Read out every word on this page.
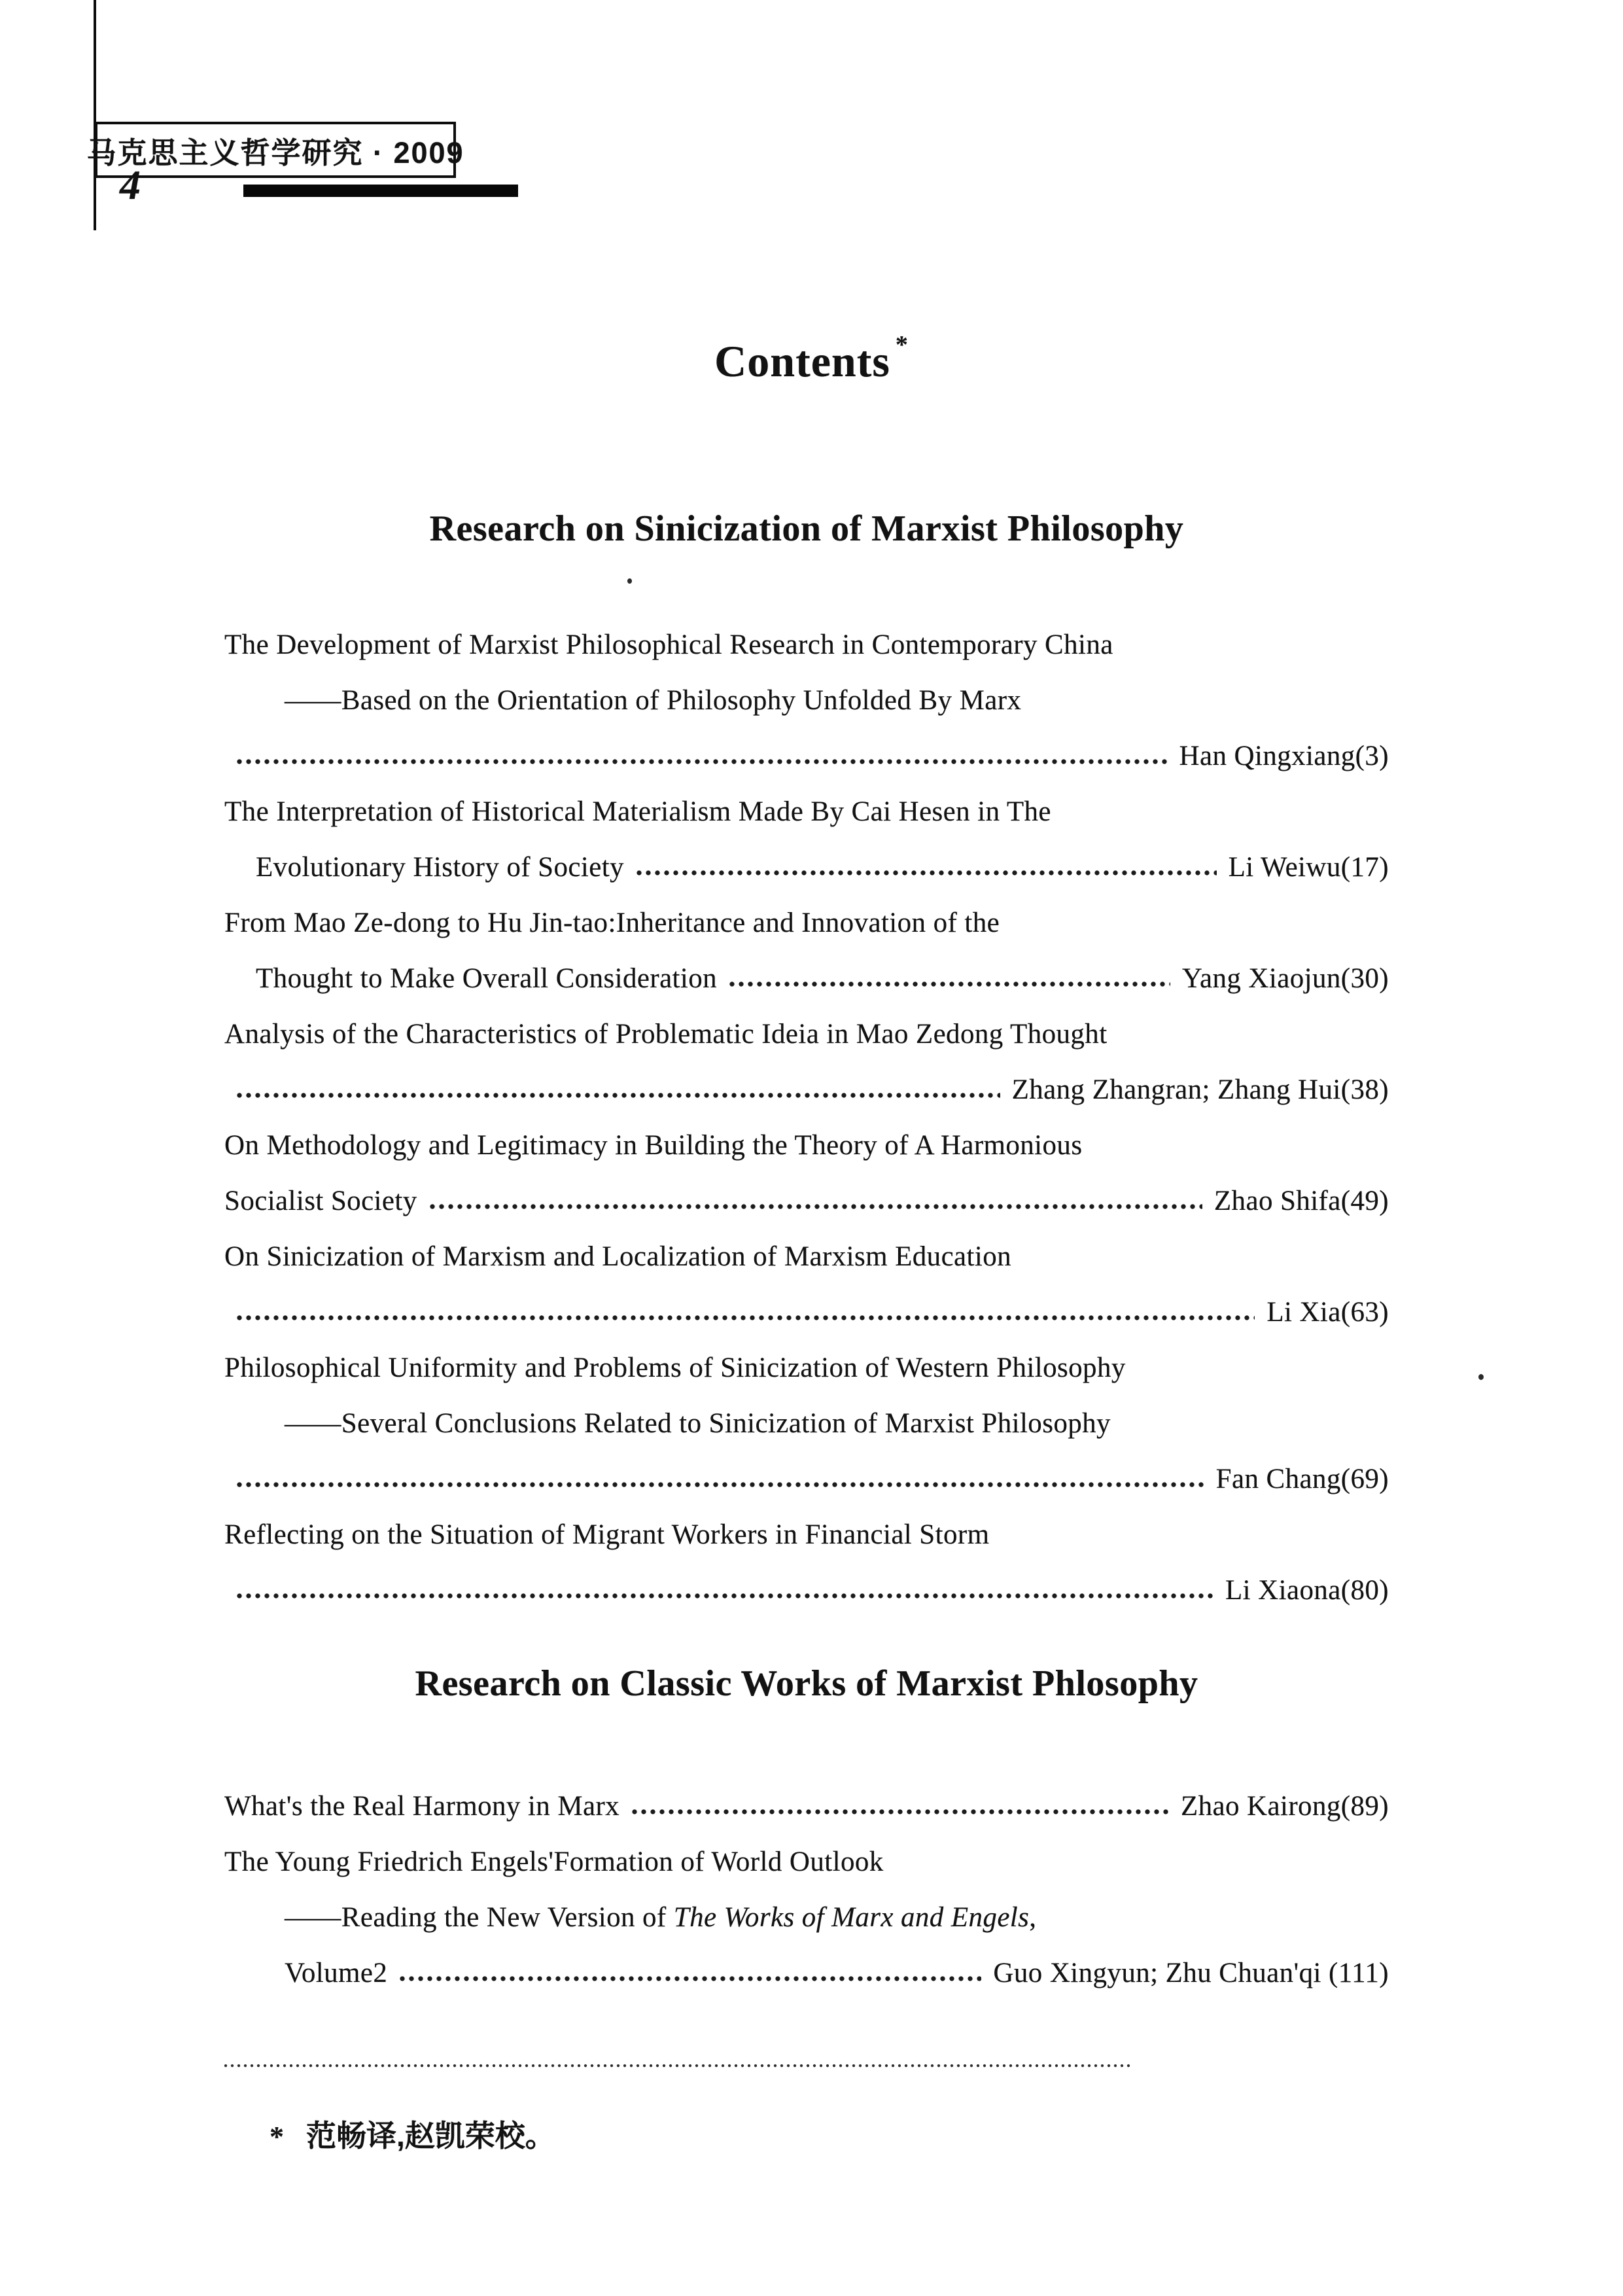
马克思主义哲学研究 · 2009
4
Contents *
Research on Sinicization of Marxist Philosophy
The Development of Marxist Philosophical Research in Contemporary China
——Based on the Orientation of Philosophy Unfolded By Marx
Han Qingxiang(3)
The Interpretation of Historical Materialism Made By Cai Hesen in The
Evolutionary History of Society	Li Weiwu(17)
From Mao Ze-dong to Hu Jin-tao:Inheritance and Innovation of the
Thought to Make Overall Consideration	Yang Xiaojun(30)
Analysis of the Characteristics of Problematic Ideia in Mao Zedong Thought
Zhang Zhangran; Zhang Hui(38)
On Methodology and Legitimacy in Building the Theory of A Harmonious
Socialist Society	Zhao Shifa(49)
On Sinicization of Marxism and Localization of Marxism Education
Li Xia(63)
Philosophical Uniformity and Problems of Sinicization of Western Philosophy
——Several Conclusions Related to Sinicization of Marxist Philosophy
Fan Chang(69)
Reflecting on the Situation of Migrant Workers in Financial Storm
Li Xiaona(80)
Research on Classic Works of Marxist Phlosophy
What's the Real Harmony in Marx	Zhao Kairong(89)
The Young Friedrich Engels'Formation of World Outlook
——Reading the New Version of The Works of Marx and Engels,
Volume2	Guo Xingyun; Zhu Chuan'qi (111)
* 范畅译,赵凯荣校。
